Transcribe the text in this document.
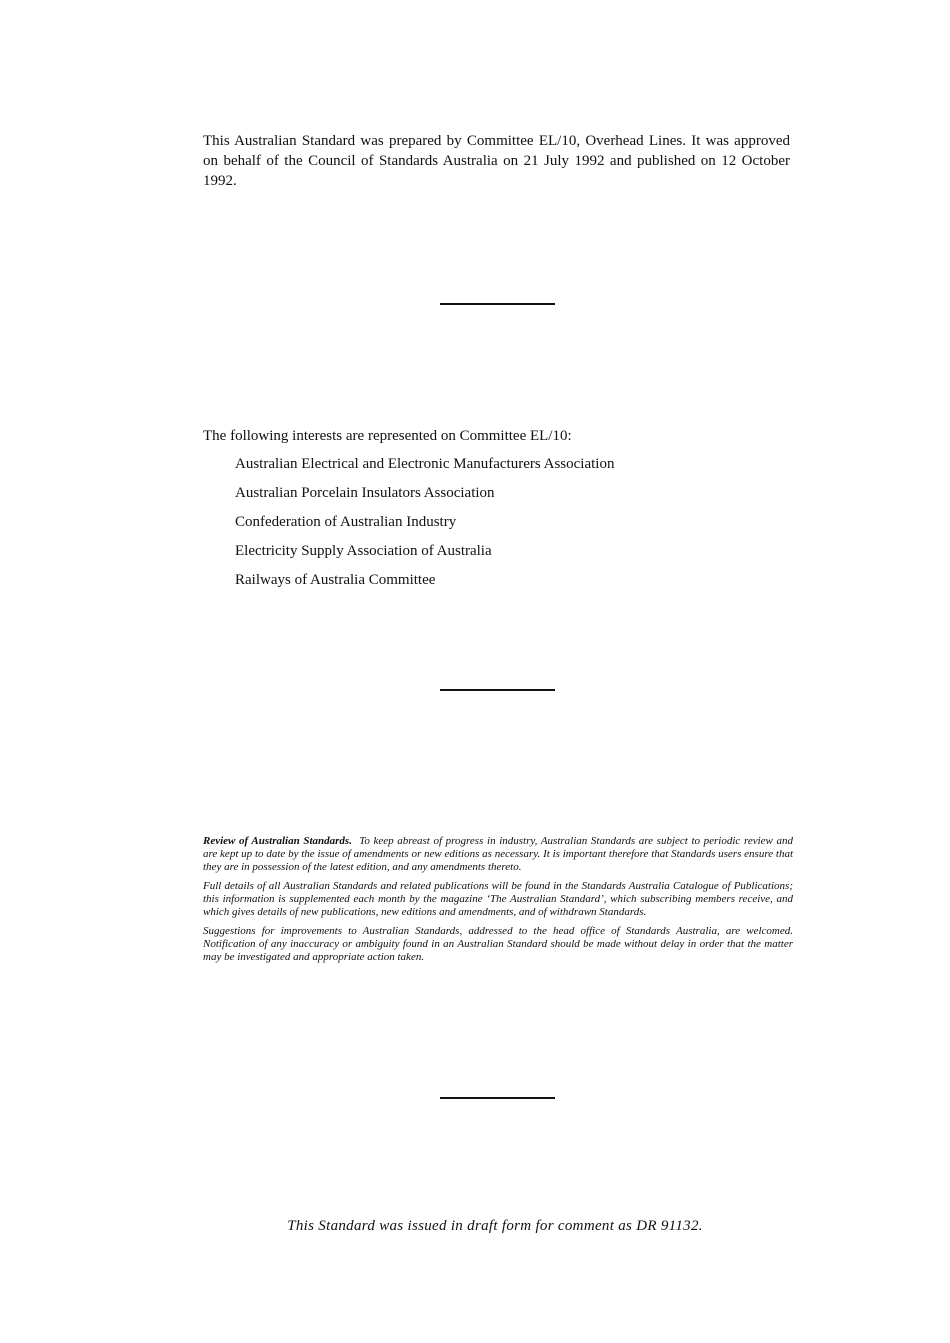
This Australian Standard was prepared by Committee EL/10, Overhead Lines. It was approved on behalf of the Council of Standards Australia on 21 July 1992 and published on 12 October 1992.

The following interests are represented on Committee EL/10:

Australian Electrical and Electronic Manufacturers Association
Australian Porcelain Insulators Association
Confederation of Australian Industry
Electricity Supply Association of Australia
Railways of Australia Committee

Review of Australian Standards. To keep abreast of progress in industry, Australian Standards are subject to periodic review and are kept up to date by the issue of amendments or new editions as necessary. It is important therefore that Standards users ensure that they are in possession of the latest edition, and any amendments thereto.

Full details of all Australian Standards and related publications will be found in the Standards Australia Catalogue of Publications; this information is supplemented each month by the magazine ‘The Australian Standard’, which subscribing members receive, and which gives details of new publications, new editions and amendments, and of withdrawn Standards.

Suggestions for improvements to Australian Standards, addressed to the head office of Standards Australia, are welcomed. Notification of any inaccuracy or ambiguity found in an Australian Standard should be made without delay in order that the matter may be investigated and appropriate action taken.

This Standard was issued in draft form for comment as DR 91132.
